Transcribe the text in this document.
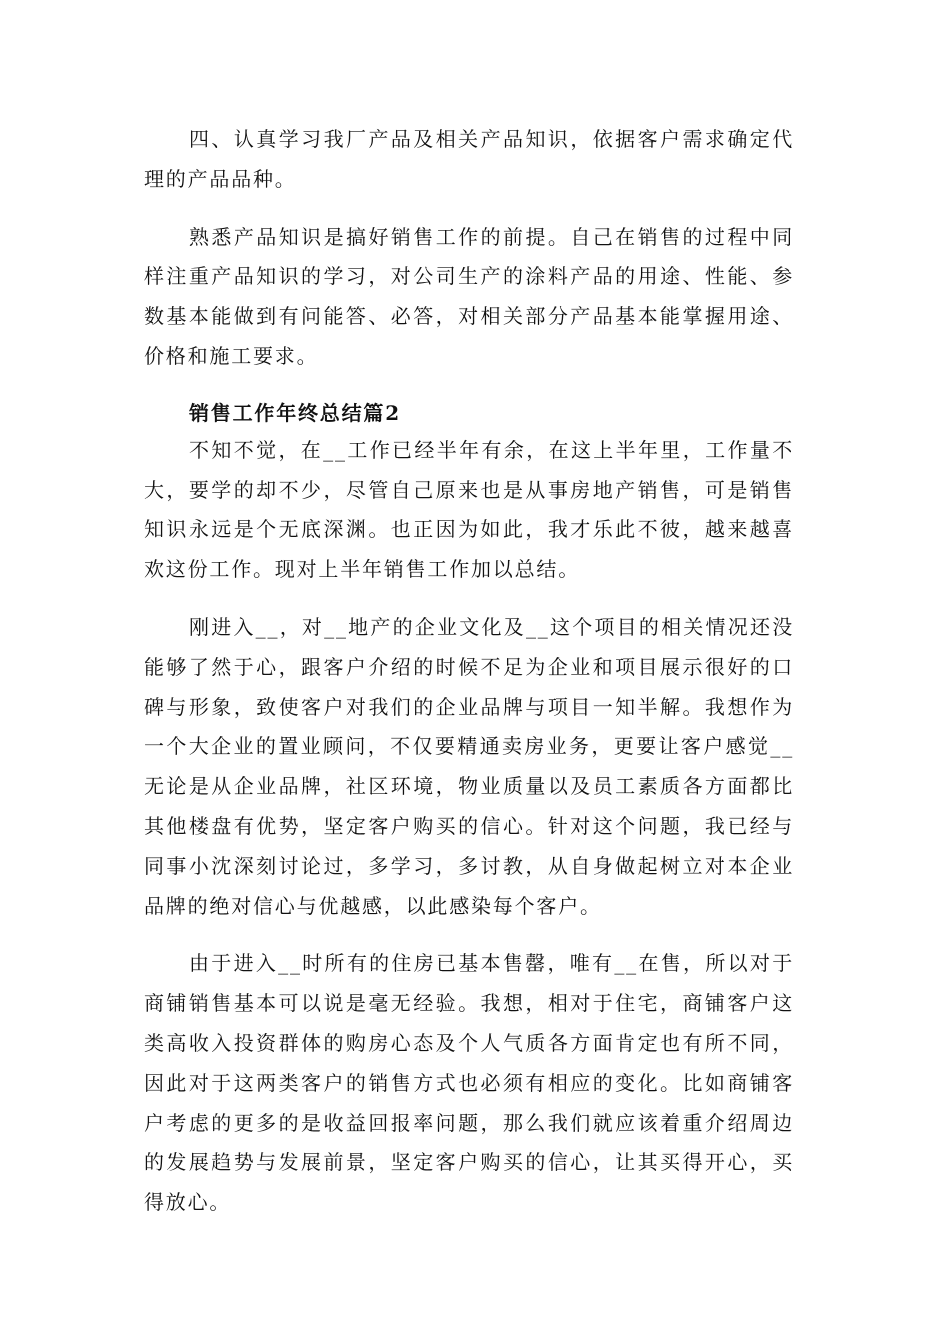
四、认真学习我厂产品及相关产品知识，依据客户需求确定代理的产品品种。

熟悉产品知识是搞好销售工作的前提。自己在销售的过程中同样注重产品知识的学习，对公司生产的涂料产品的用途、性能、参数基本能做到有问能答、必答，对相关部分产品基本能掌握用途、价格和施工要求。

销售工作年终总结篇2

不知不觉，在__工作已经半年有余，在这上半年里，工作量不大，要学的却不少，尽管自己原来也是从事房地产销售，可是销售知识永远是个无底深渊。也正因为如此，我才乐此不彼，越来越喜欢这份工作。现对上半年销售工作加以总结。

刚进入__，对__地产的企业文化及__这个项目的相关情况还没能够了然于心，跟客户介绍的时候不足为企业和项目展示很好的口碑与形象，致使客户对我们的企业品牌与项目一知半解。我想作为一个大企业的置业顾问，不仅要精通卖房业务，更要让客户感觉__无论是从企业品牌，社区环境，物业质量以及员工素质各方面都比其他楼盘有优势，坚定客户购买的信心。针对这个问题，我已经与同事小沈深刻讨论过，多学习，多讨教，从自身做起树立对本企业品牌的绝对信心与优越感，以此感染每个客户。

由于进入__时所有的住房已基本售罄，唯有__在售，所以对于商铺销售基本可以说是毫无经验。我想，相对于住宅，商铺客户这类高收入投资群体的购房心态及个人气质各方面肯定也有所不同，因此对于这两类客户的销售方式也必须有相应的变化。比如商铺客户考虑的更多的是收益回报率问题，那么我们就应该着重介绍周边的发展趋势与发展前景，坚定客户购买的信心，让其买得开心，买得放心。
